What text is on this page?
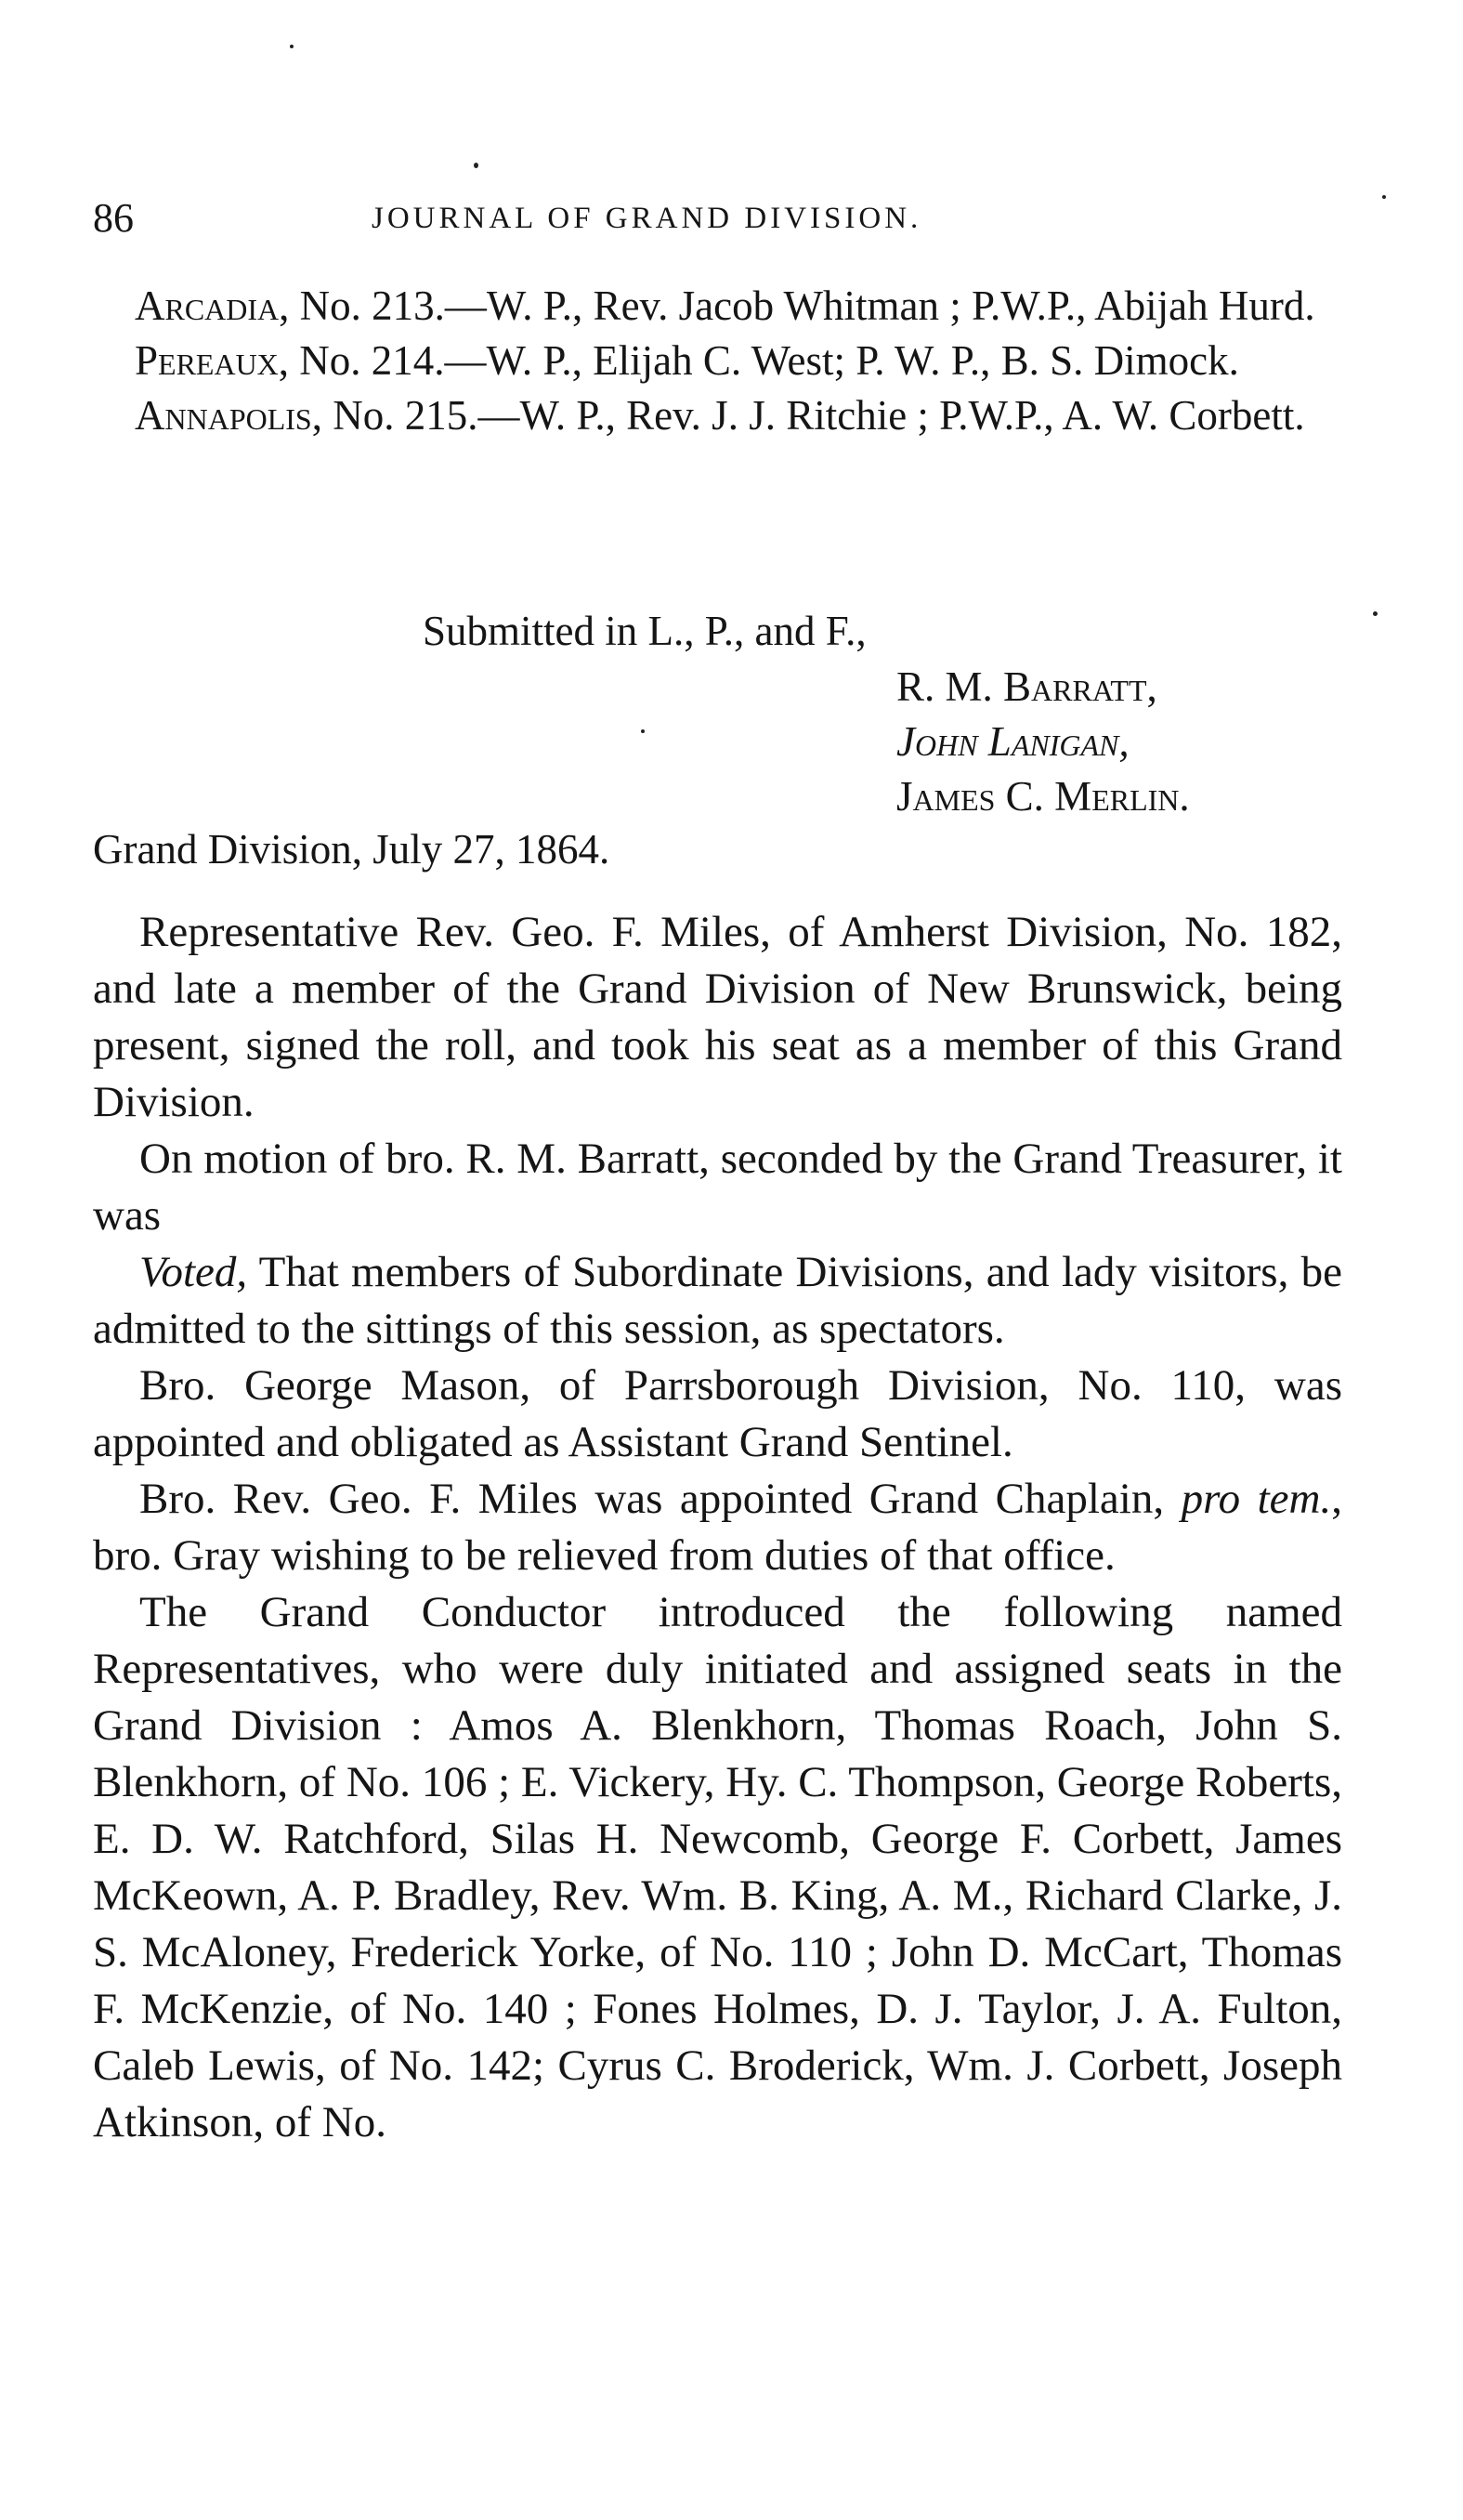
86	JOURNAL OF GRAND DIVISION.

Arcadia, No. 213.—W. P., Rev. Jacob Whitman ; P.W.P., Abijah Hurd.

Pereaux, No. 214.—W. P., Elijah C. West; P. W. P., B. S. Dimock.

Annapolis, No. 215.—W. P., Rev. J. J. Ritchie ; P.W.P., A. W. Corbett.

Submitted in L., P., and F.,
R. M. Barratt,
John Lanigan,
James C. Merlin.
Grand Division, July 27, 1864.

Representative Rev. Geo. F. Miles, of Amherst Division, No. 182, and late a member of the Grand Division of New Brunswick, being present, signed the roll, and took his seat as a member of this Grand Division.

On motion of bro. R. M. Barratt, seconded by the Grand Treasurer, it was

Voted, That members of Subordinate Divisions, and lady visitors, be admitted to the sittings of this session, as spectators.

Bro. George Mason, of Parrsborough Division, No. 110, was appointed and obligated as Assistant Grand Sentinel.

Bro. Rev. Geo. F. Miles was appointed Grand Chaplain, pro tem., bro. Gray wishing to be relieved from duties of that office.

The Grand Conductor introduced the following named Representatives, who were duly initiated and assigned seats in the Grand Division : Amos A. Blenkhorn, Thomas Roach, John S. Blenkhorn, of No. 106 ; E. Vickery, Hy. C. Thompson, George Roberts, E. D. W. Ratchford, Silas H. Newcomb, George F. Corbett, James McKeown, A. P. Bradley, Rev. Wm. B. King, A. M., Richard Clarke, J. S. McAloney, Frederick Yorke, of No. 110 ; John D. McCart, Thomas F. McKenzie, of No. 140 ; Fones Holmes, D. J. Taylor, J. A. Fulton, Caleb Lewis, of No. 142; Cyrus C. Broderick, Wm. J. Corbett, Joseph Atkinson, of No.
